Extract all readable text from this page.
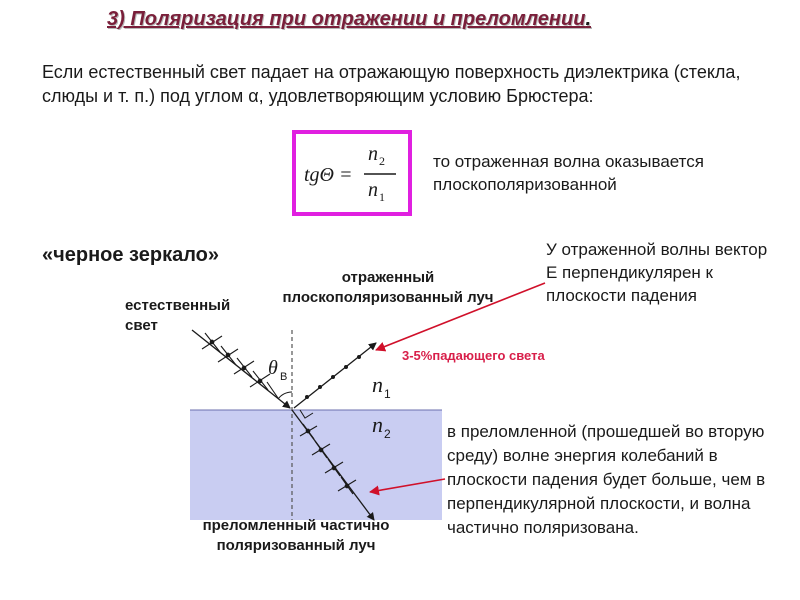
3) Поляризация при отражении и преломлении.
Если естественный свет падает на отражающую поверхность диэлектрика (стекла, слюды и т. п.) под углом α, удовлетворяющим условию Брюстера:
tgΘ =
n 2
n 1
то отраженная волна оказывается плоскополяризованной
«черное зеркало»	У отраженной волны вектор Е перпендикулярен к плоскости падения
в преломленной (прошедшей во вторую среду) волне энергия колебаний в плоскости падения будет больше, чем в перпендикулярной плоскости, и волна частично поляризована.
θ B	n 1
n 2
естественный свет
отраженный плоскополяризованный луч
преломленный частично поляризованный луч
3-5%падающего света
